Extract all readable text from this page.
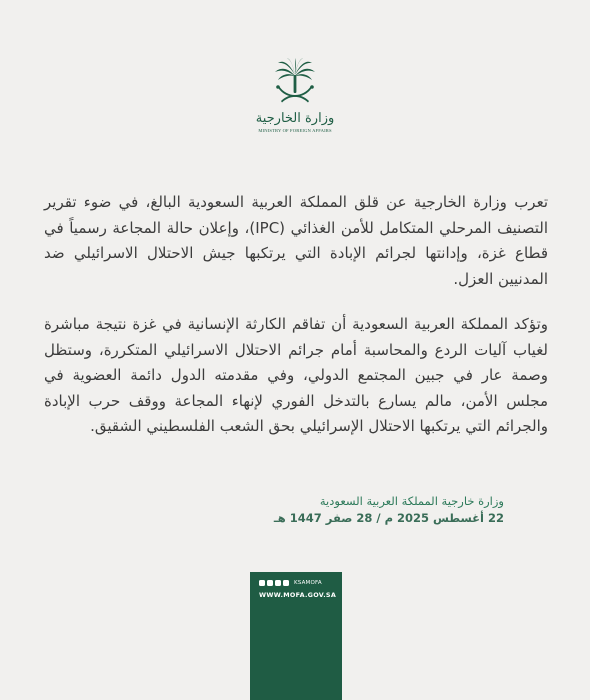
وزارة الخارجية
MINISTRY OF FOREIGN AFFAIRS

تعرب وزارة الخارجية عن قلق المملكة العربية السعودية البالغ، في ضوء تقرير التصنيف المرحلي المتكامل للأمن الغذائي (IPC)، وإعلان حالة المجاعة رسمياً في قطاع غزة، وإدانتها لجرائم الإبادة التي يرتكبها جيش الاحتلال الاسرائيلي ضد المدنيين العزل.

وتؤكد المملكة العربية السعودية أن تفاقم الكارثة الإنسانية في غزة نتيجة مباشرة لغياب آليات الردع والمحاسبة أمام جرائم الاحتلال الاسرائيلي المتكررة، وستظل وصمة عار في جبين المجتمع الدولي، وفي مقدمته الدول دائمة العضوية في مجلس الأمن، مالم يسارع بالتدخل الفوري لإنهاء المجاعة ووقف حرب الإبادة والجرائم التي يرتكبها الاحتلال الإسرائيلي بحق الشعب الفلسطيني الشقيق.

وزارة خارجية المملكة العربية السعودية
22 أغسطس 2025 م / 28 صفر 1447 هـ
KSAMOFA
WWW.MOFA.GOV.SA
